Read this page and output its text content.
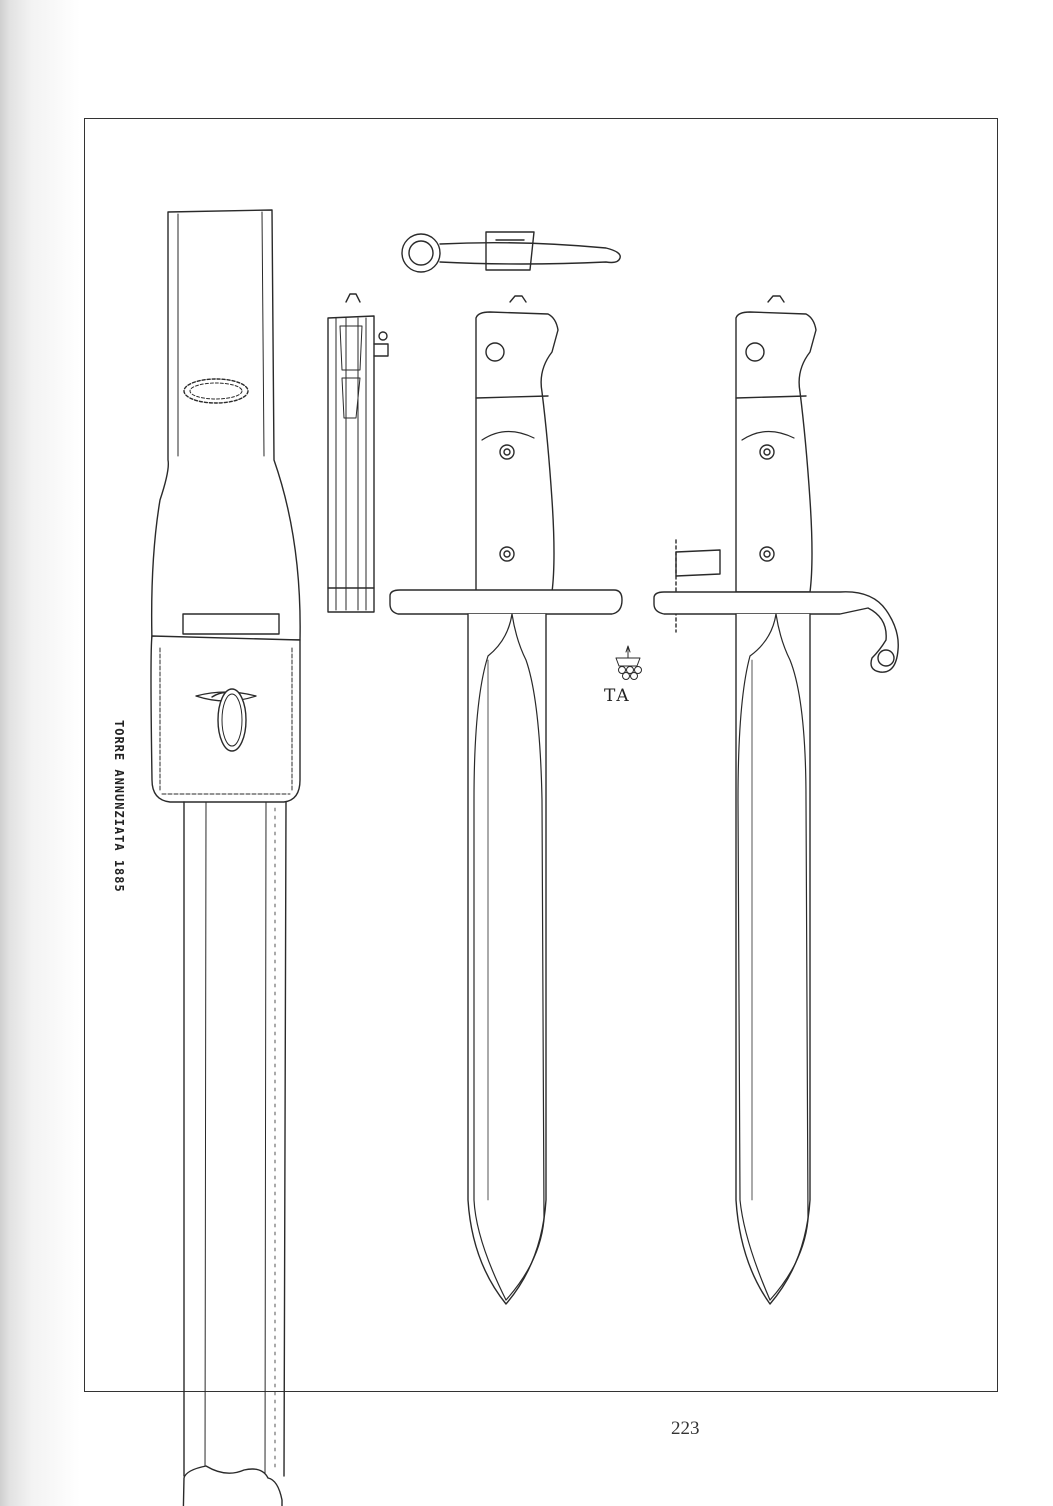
TORRE ANNUNZIATA 1885
TA
223
